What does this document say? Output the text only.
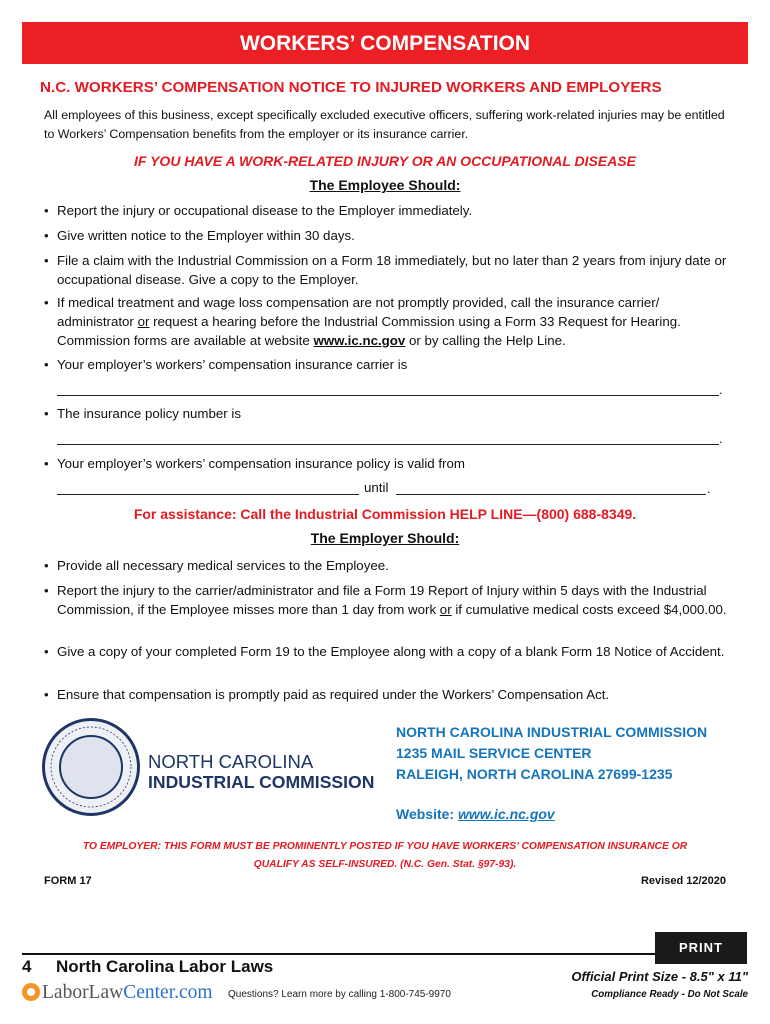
WORKERS’ COMPENSATION
N.C. WORKERS’ COMPENSATION NOTICE TO INJURED WORKERS AND EMPLOYERS
All employees of this business, except specifically excluded executive officers, suffering work-related injuries may be entitled to Workers’ Compensation benefits from the employer or its insurance carrier.
IF YOU HAVE A WORK-RELATED INJURY OR AN OCCUPATIONAL DISEASE
The Employee Should:
• Report the injury or occupational disease to the Employer immediately.
• Give written notice to the Employer within 30 days.
• File a claim with the Industrial Commission on a Form 18 immediately, but no later than 2 years from injury date or occupational disease. Give a copy to the Employer.
• If medical treatment and wage loss compensation are not promptly provided, call the insurance carrier/ administrator or request a hearing before the Industrial Commission using a Form 33 Request for Hearing. Commission forms are available at website www.ic.nc.gov or by calling the Help Line.
• Your employer’s workers’ compensation insurance carrier is
.
• The insurance policy number is
.
• Your employer’s workers’ compensation insurance policy is valid from
until	.
For assistance: Call the Industrial Commission HELP LINE—(800) 688-8349.
The Employer Should:
• Provide all necessary medical services to the Employee.
• Report the injury to the carrier/administrator and file a Form 19 Report of Injury within 5 days with the Industrial Commission, if the Employee misses more than 1 day from work or if cumulative medical costs exceed $4,000.00.
• Give a copy of your completed Form 19 to the Employee along with a copy of a blank Form 18 Notice of Accident.
• Ensure that compensation is promptly paid as required under the Workers’ Compensation Act.
NORTH CAROLINA
INDUSTRIAL COMMISSION
NORTH CAROLINA INDUSTRIAL COMMISSION
1235 MAIL SERVICE CENTER
RALEIGH, NORTH CAROLINA 27699-1235
Website: www.ic.nc.gov
TO EMPLOYER: THIS FORM MUST BE PROMINENTLY POSTED IF YOU HAVE WORKERS’ COMPENSATION INSURANCE OR QUALIFY AS SELF-INSURED. (N.C. Gen. Stat. §97-93).
FORM 17	Revised 12/2020
PRINT
4 North Carolina Labor Laws
LaborLawCenter.com Questions? Learn more by calling 1-800-745-9970
Official Print Size - 8.5" x 11"
Compliance Ready - Do Not Scale
